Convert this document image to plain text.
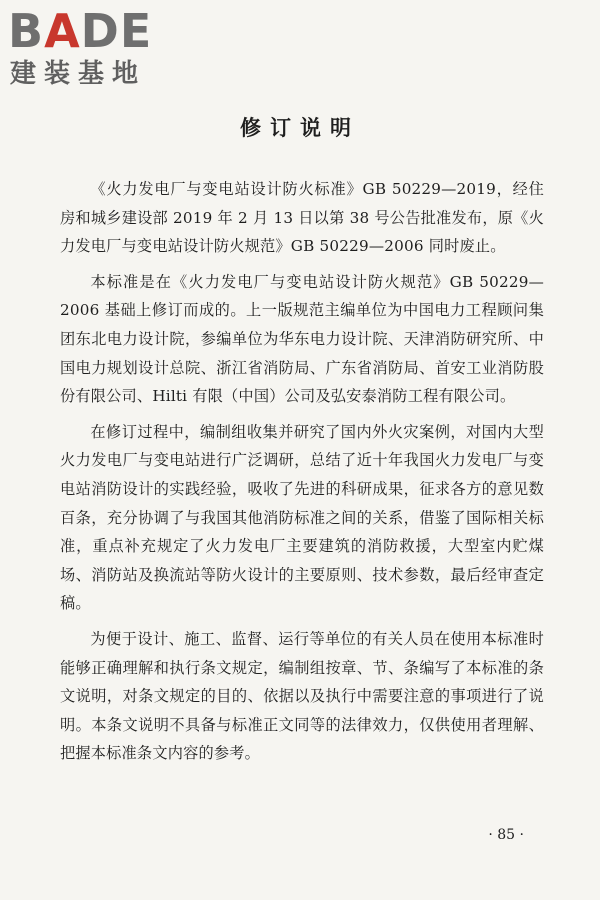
BADE
建装基地
修订说明

《火力发电厂与变电站设计防火标准》GB 50229—2019，经住房和城乡建设部 2019 年 2 月 13 日以第 38 号公告批准发布，原《火力发电厂与变电站设计防火规范》GB 50229—2006 同时废止。

本标准是在《火力发电厂与变电站设计防火规范》GB 50229—2006 基础上修订而成的。上一版规范主编单位为中国电力工程顾问集团东北电力设计院，参编单位为华东电力设计院、天津消防研究所、中国电力规划设计总院、浙江省消防局、广东省消防局、首安工业消防股份有限公司、Hilti 有限（中国）公司及弘安泰消防工程有限公司。

在修订过程中，编制组收集并研究了国内外火灾案例，对国内大型火力发电厂与变电站进行广泛调研，总结了近十年我国火力发电厂与变电站消防设计的实践经验，吸收了先进的科研成果，征求各方的意见数百条，充分协调了与我国其他消防标准之间的关系，借鉴了国际相关标准，重点补充规定了火力发电厂主要建筑的消防救援，大型室内贮煤场、消防站及换流站等防火设计的主要原则、技术参数，最后经审查定稿。

为便于设计、施工、监督、运行等单位的有关人员在使用本标准时能够正确理解和执行条文规定，编制组按章、节、条编写了本标准的条文说明，对条文规定的目的、依据以及执行中需要注意的事项进行了说明。本条文说明不具备与标准正文同等的法律效力，仅供使用者理解、把握本标准条文内容的参考。

· 85 ·
